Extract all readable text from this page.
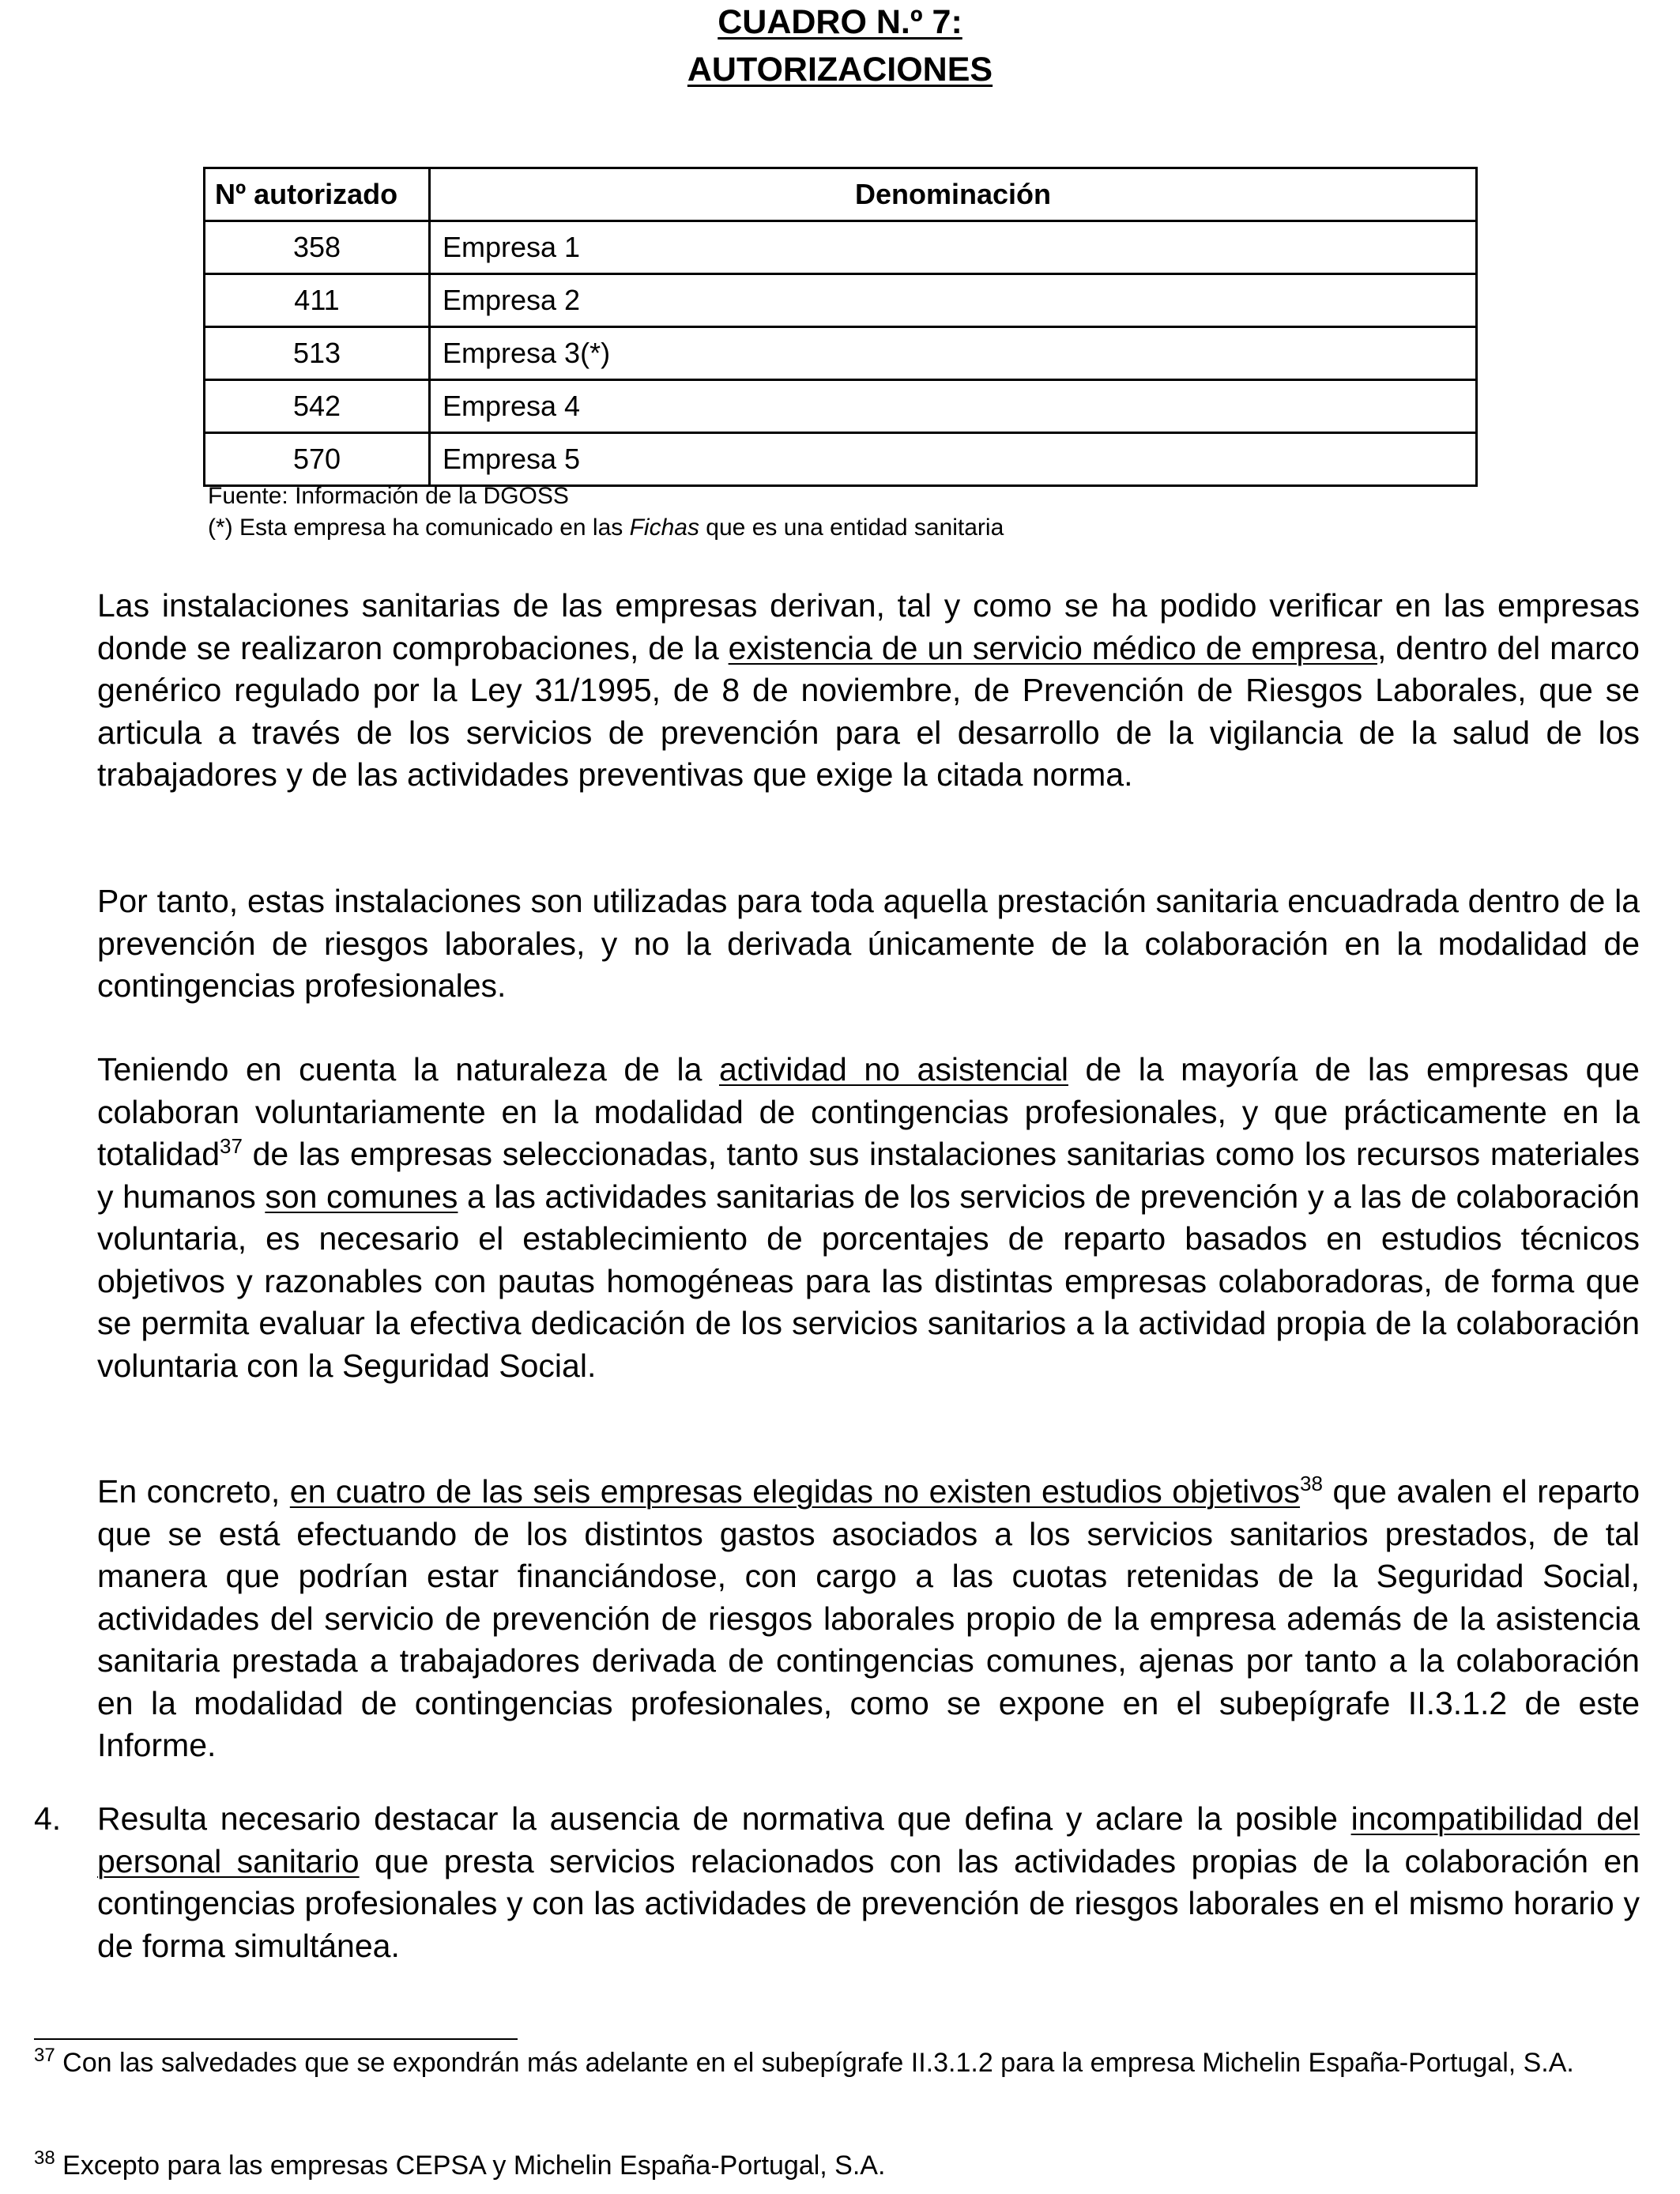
CUADRO N.º 7:
AUTORIZACIONES
Nº autorizado	Denominación
358	Empresa 1
411	Empresa 2
513	Empresa 3(*)
542	Empresa 4
570	Empresa 5
Fuente: Información de la DGOSS
(*) Esta empresa ha comunicado en las Fichas que es una entidad sanitaria

Las instalaciones sanitarias de las empresas derivan, tal y como se ha podido verificar en las empresas donde se realizaron comprobaciones, de la existencia de un servicio médico de empresa, dentro del marco genérico regulado por la Ley 31/1995, de 8 de noviembre, de Prevención de Riesgos Laborales, que se articula a través de los servicios de prevención para el desarrollo de la vigilancia de la salud de los trabajadores y de las actividades preventivas que exige la citada norma.

Por tanto, estas instalaciones son utilizadas para toda aquella prestación sanitaria encuadrada dentro de la prevención de riesgos laborales, y no la derivada únicamente de la colaboración en la modalidad de contingencias profesionales.

Teniendo en cuenta la naturaleza de la actividad no asistencial de la mayoría de las empresas que colaboran voluntariamente en la modalidad de contingencias profesionales, y que prácticamente en la totalidad$^{37}$ de las empresas seleccionadas, tanto sus instalaciones sanitarias como los recursos materiales y humanos son comunes a las actividades sanitarias de los servicios de prevención y a las de colaboración voluntaria, es necesario el establecimiento de porcentajes de reparto basados en estudios técnicos objetivos y razonables con pautas homogéneas para las distintas empresas colaboradoras, de forma que se permita evaluar la efectiva dedicación de los servicios sanitarios a la actividad propia de la colaboración voluntaria con la Seguridad Social.

En concreto, en cuatro de las seis empresas elegidas no existen estudios objetivos$^{38}$ que avalen el reparto que se está efectuando de los distintos gastos asociados a los servicios sanitarios prestados, de tal manera que podrían estar financiándose, con cargo a las cuotas retenidas de la Seguridad Social, actividades del servicio de prevención de riesgos laborales propio de la empresa además de la asistencia sanitaria prestada a trabajadores derivada de contingencias comunes, ajenas por tanto a la colaboración en la modalidad de contingencias profesionales, como se expone en el subepígrafe II.3.1.2 de este Informe.

4. Resulta necesario destacar la ausencia de normativa que defina y aclare la posible incompatibilidad del personal sanitario que presta servicios relacionados con las actividades propias de la colaboración en contingencias profesionales y con las actividades de prevención de riesgos laborales en el mismo horario y de forma simultánea.

$^{37}$ Con las salvedades que se expondrán más adelante en el subepígrafe II.3.1.2 para la empresa Michelin España-Portugal, S.A.
$^{38}$ Excepto para las empresas CEPSA y Michelin España-Portugal, S.A.
